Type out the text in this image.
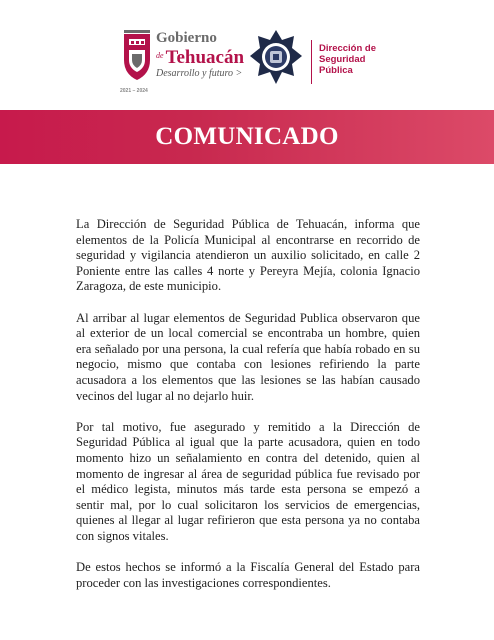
Gobierno
$^{de}$ Tehuacán
Desarrollo y futuro >
2021 – 2024
Dirección de
Seguridad
Pública
COMUNICADO

La Dirección de Seguridad Pública de Tehuacán, informa que elementos de la Policía Municipal al encontrarse en recorrido de seguridad y vigilancia atendieron un auxilio solicitado, en calle 2 Poniente entre las calles 4 norte y Pereyra Mejía, colonia Ignacio Zaragoza, de este municipio.

Al arribar al lugar elementos de Seguridad Publica observaron que al exterior de un local comercial se encontraba un hombre, quien era señalado por una persona, la cual refería que había robado en su negocio, mismo que contaba con lesiones refiriendo la parte acusadora a los elementos que las lesiones se las habían causado vecinos del lugar al no dejarlo huir.

Por tal motivo, fue asegurado y remitido a la Dirección de Seguridad Pública al igual que la parte acusadora, quien en todo momento hizo un señalamiento en contra del detenido, quien al momento de ingresar al área de seguridad pública fue revisado por el médico legista, minutos más tarde esta persona se empezó a sentir mal, por lo cual solicitaron los servicios de emergencias, quienes al llegar al lugar refirieron que esta persona ya no contaba con signos vitales.

De estos hechos se informó a la Fiscalía General del Estado para proceder con las investigaciones correspondientes.
